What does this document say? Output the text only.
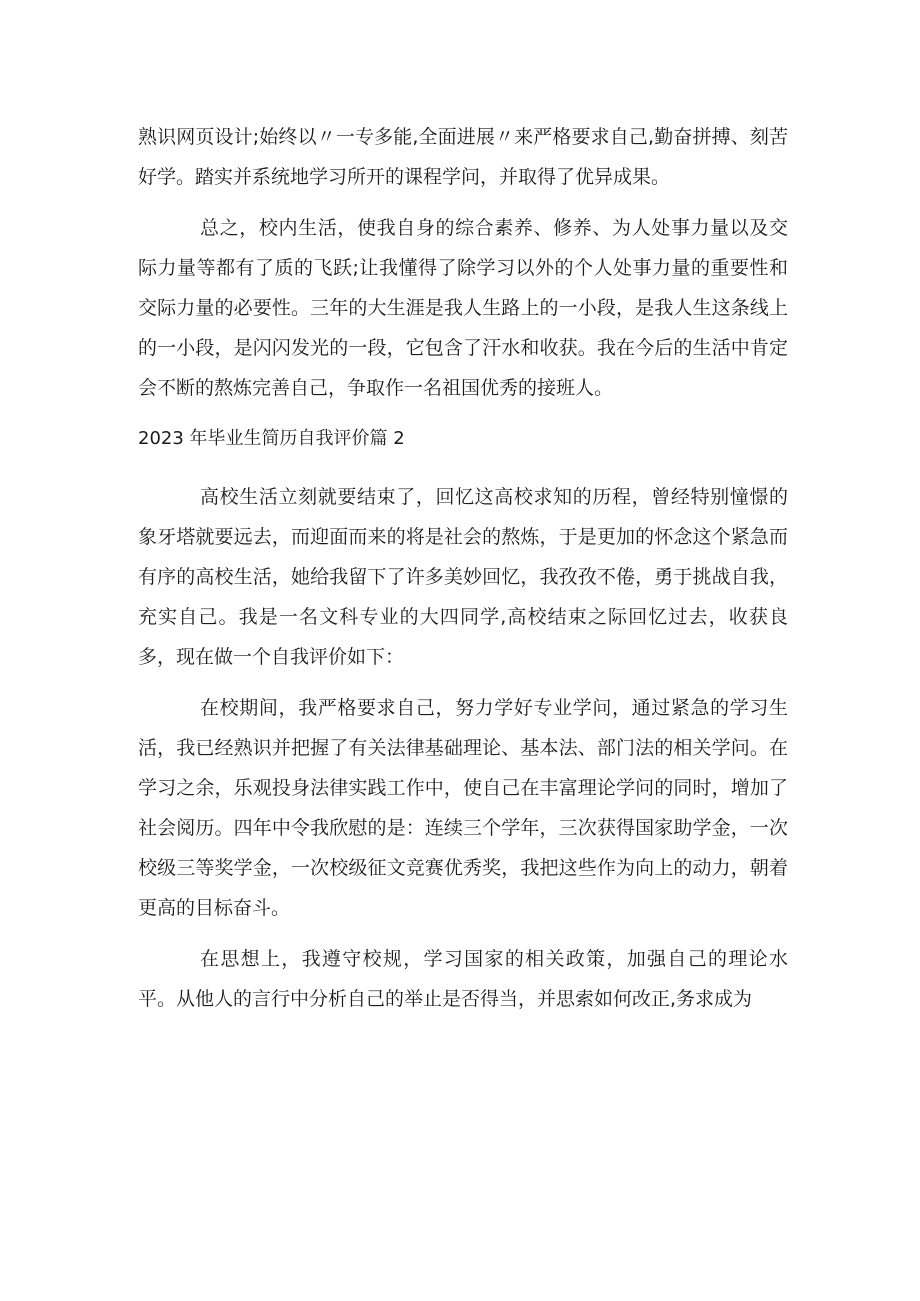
熟识网页设计;始终以〃一专多能,全面进展〃来严格要求自己,勤奋拼搏、刻苦好学。踏实并系统地学习所开的课程学问，并取得了优异成果。

总之，校内生活，使我自身的综合素养、修养、为人处事力量以及交际力量等都有了质的飞跃;让我懂得了除学习以外的个人处事力量的重要性和交际力量的必要性。三年的大生涯是我人生路上的一小段，是我人生这条线上的一小段，是闪闪发光的一段，它包含了汗水和收获。我在今后的生活中肯定会不断的熬炼完善自己，争取作一名祖国优秀的接班人。

2023 年毕业生简历自我评价篇 2

高校生活立刻就要结束了，回忆这高校求知的历程，曾经特别憧憬的象牙塔就要远去，而迎面而来的将是社会的熬炼，于是更加的怀念这个紧急而有序的高校生活，她给我留下了许多美妙回忆，我孜孜不倦，勇于挑战自我，充实自己。我是一名文科专业的大四同学,高校结束之际回忆过去，收获良多，现在做一个自我评价如下：

在校期间，我严格要求自己，努力学好专业学问，通过紧急的学习生活，我已经熟识并把握了有关法律基础理论、基本法、部门法的相关学问。在学习之余，乐观投身法律实践工作中，使自己在丰富理论学问的同时，增加了社会阅历。四年中令我欣慰的是：连续三个学年，三次获得国家助学金，一次校级三等奖学金，一次校级征文竞赛优秀奖，我把这些作为向上的动力，朝着更高的目标奋斗。

在思想上，我遵守校规，学习国家的相关政策，加强自己的理论水平。从他人的言行中分析自己的举止是否得当，并思索如何改正,务求成为
